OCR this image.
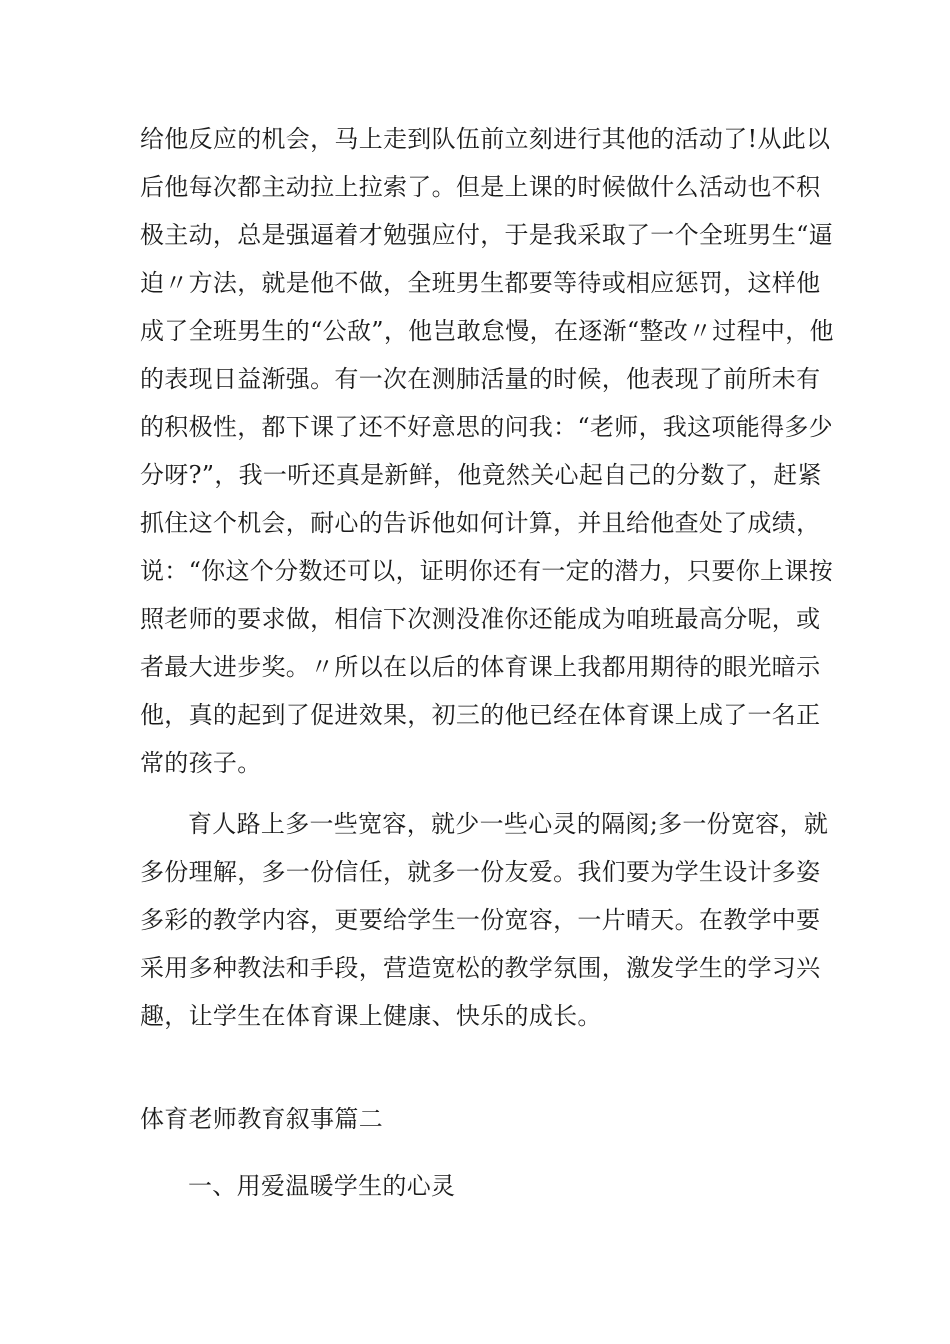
给他反应的机会，马上走到队伍前立刻进行其他的活动了!从此以
后他每次都主动拉上拉索了。但是上课的时候做什么活动也不积
极主动，总是强逼着才勉强应付，于是我采取了一个全班男生“逼
迫〃方法，就是他不做，全班男生都要等待或相应惩罚，这样他
成了全班男生的“公敌”，他岂敢怠慢，在逐渐“整改〃过程中，他
的表现日益渐强。有一次在测肺活量的时候，他表现了前所未有
的积极性，都下课了还不好意思的问我：“老师，我这项能得多少
分呀?”，我一听还真是新鲜，他竟然关心起自己的分数了，赶紧
抓住这个机会，耐心的告诉他如何计算，并且给他查处了成绩，
说：“你这个分数还可以，证明你还有一定的潜力，只要你上课按
照老师的要求做，相信下次测没准你还能成为咱班最高分呢，或
者最大进步奖。〃所以在以后的体育课上我都用期待的眼光暗示
他，真的起到了促进效果，初三的他已经在体育课上成了一名正
常的孩子。
育人路上多一些宽容，就少一些心灵的隔阂;多一份宽容，就
多份理解，多一份信任，就多一份友爱。我们要为学生设计多姿
多彩的教学内容，更要给学生一份宽容，一片晴天。在教学中要
采用多种教法和手段，营造宽松的教学氛围，激发学生的学习兴
趣，让学生在体育课上健康、快乐的成长。
体育老师教育叙事篇二
一、用爱温暖学生的心灵
